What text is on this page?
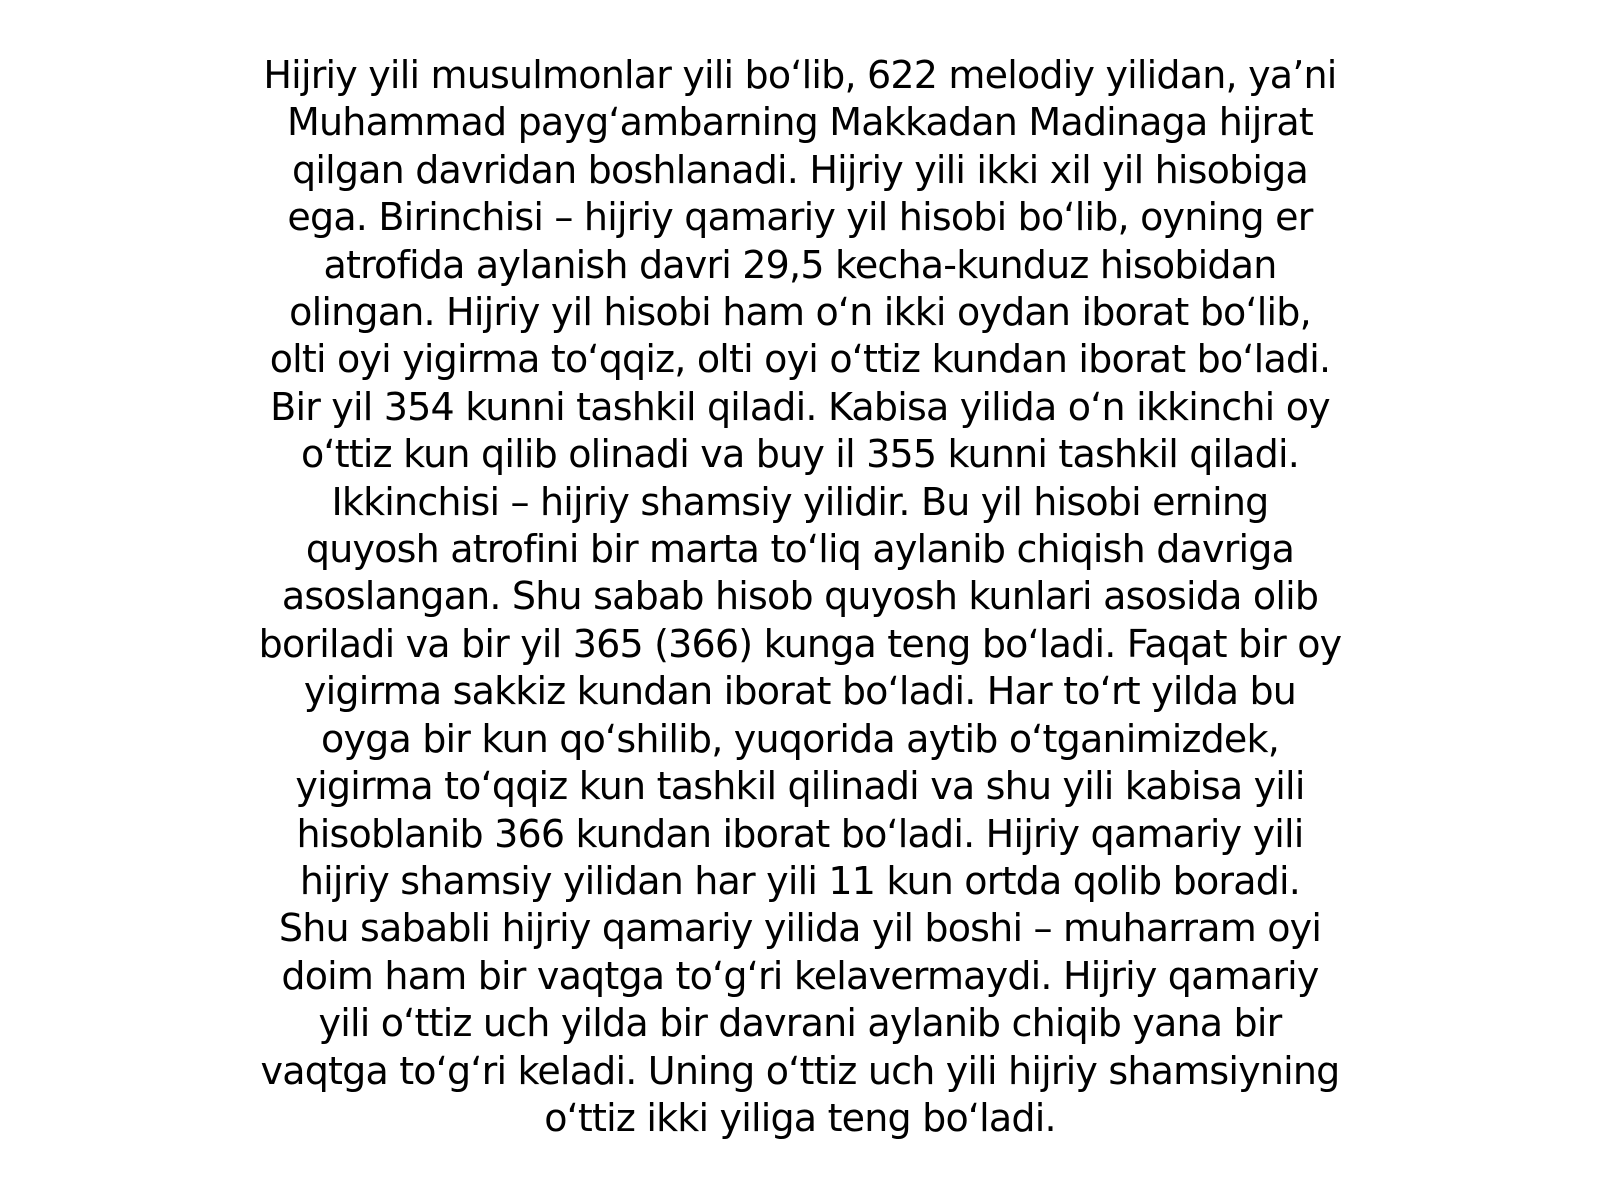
Hijriy yili musulmonlar yili bo‘lib, 622 melodiy yilidan, ya’ni
Muhammad payg‘ambarning Makkadan Madinaga hijrat
qilgan davridan boshlanadi. Hijriy yili ikki xil yil hisobiga
ega. Birinchisi – hijriy qamariy yil hisobi bo‘lib, oyning er
atrofida aylanish davri 29,5 kecha-kunduz hisobidan
olingan. Hijriy yil hisobi ham o‘n ikki oydan iborat bo‘lib,
olti oyi yigirma to‘qqiz, olti oyi o‘ttiz kundan iborat bo‘ladi.
Bir yil 354 kunni tashkil qiladi. Kabisa yilida o‘n ikkinchi oy
o‘ttiz kun qilib olinadi va buy il 355 kunni tashkil qiladi.
Ikkinchisi – hijriy shamsiy yilidir. Bu yil hisobi erning
quyosh atrofini bir marta to‘liq aylanib chiqish davriga
asoslangan. Shu sabab hisob quyosh kunlari asosida olib
boriladi va bir yil 365 (366) kunga teng bo‘ladi. Faqat bir oy
yigirma sakkiz kundan iborat bo‘ladi. Har to‘rt yilda bu
oyga bir kun qo‘shilib, yuqorida aytib o‘tganimizdek,
yigirma to‘qqiz kun tashkil qilinadi va shu yili kabisa yili
hisoblanib 366 kundan iborat bo‘ladi. Hijriy qamariy yili
hijriy shamsiy yilidan har yili 11 kun ortda qolib boradi.
Shu sababli hijriy qamariy yilida yil boshi – muharram oyi
doim ham bir vaqtga to‘g‘ri kelavermaydi. Hijriy qamariy
yili o‘ttiz uch yilda bir davrani aylanib chiqib yana bir
vaqtga to‘g‘ri keladi. Uning o‘ttiz uch yili hijriy shamsiyning
o‘ttiz ikki yiliga teng bo‘ladi.
